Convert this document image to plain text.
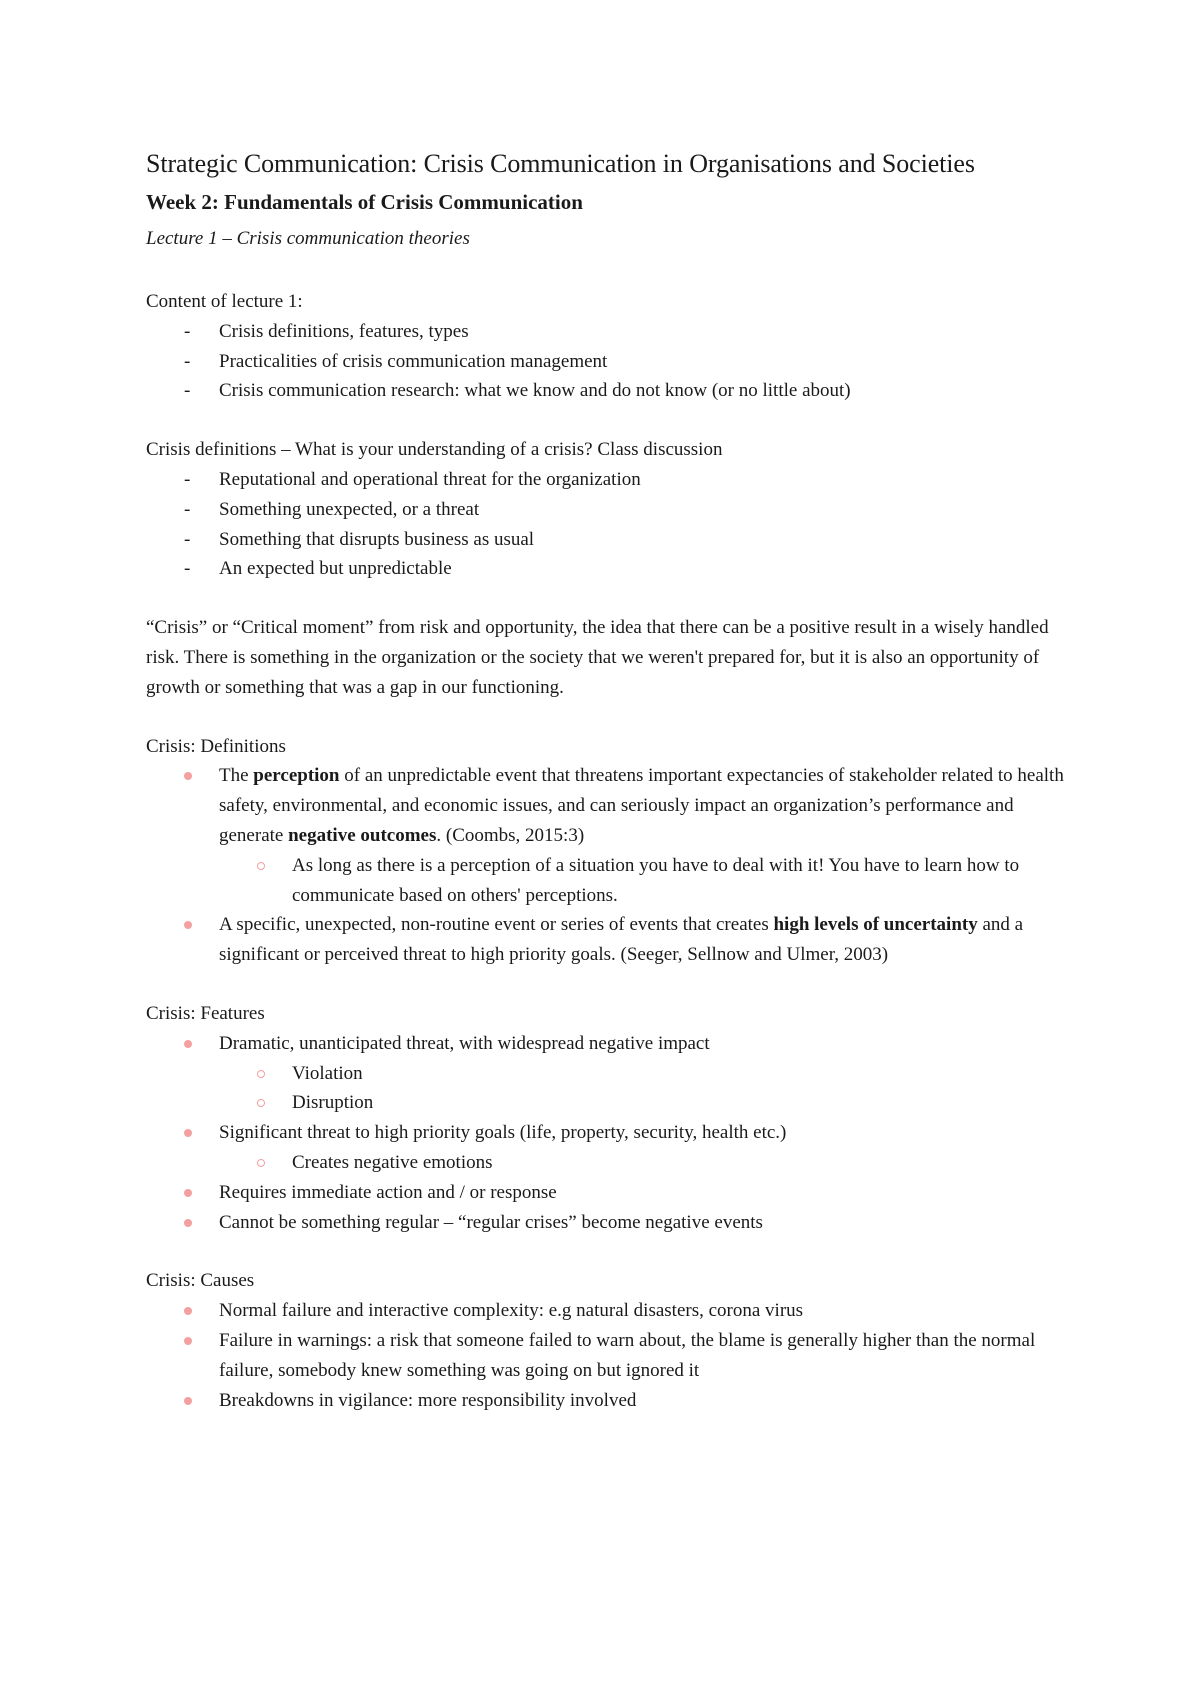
Strategic Communication: Crisis Communication in Organisations and Societies
Week 2: Fundamentals of Crisis Communication
Lecture 1 – Crisis communication theories

Content of lecture 1:

- Crisis definitions, features, types
- Practicalities of crisis communication management
- Crisis communication research: what we know and do not know (or no little about)

Crisis definitions – What is your understanding of a crisis? Class discussion

- Reputational and operational threat for the organization
- Something unexpected, or a threat
- Something that disrupts business as usual
- An expected but unpredictable

“Crisis” or “Critical moment” from risk and opportunity, the idea that there can be a positive result in a wisely handled risk. There is something in the organization or the society that we weren't prepared for, but it is also an opportunity of growth or something that was a gap in our functioning.

Crisis: Definitions

The perception of an unpredictable event that threatens important expectancies of stakeholder related to health safety, environmental, and economic issues, and can seriously impact an organization’s performance and generate negative outcomes. (Coombs, 2015:3)
As long as there is a perception of a situation you have to deal with it! You have to learn how to communicate based on others' perceptions.
A specific, unexpected, non-routine event or series of events that creates high levels of uncertainty and a significant or perceived threat to high priority goals. (Seeger, Sellnow and Ulmer, 2003)

Crisis: Features

Dramatic, unanticipated threat, with widespread negative impact
Violation
Disruption
Significant threat to high priority goals (life, property, security, health etc.)
Creates negative emotions
Requires immediate action and / or response
Cannot be something regular – “regular crises” become negative events

Crisis: Causes

Normal failure and interactive complexity: e.g natural disasters, corona virus
Failure in warnings: a risk that someone failed to warn about, the blame is generally higher than the normal failure, somebody knew something was going on but ignored it
Breakdowns in vigilance: more responsibility involved
